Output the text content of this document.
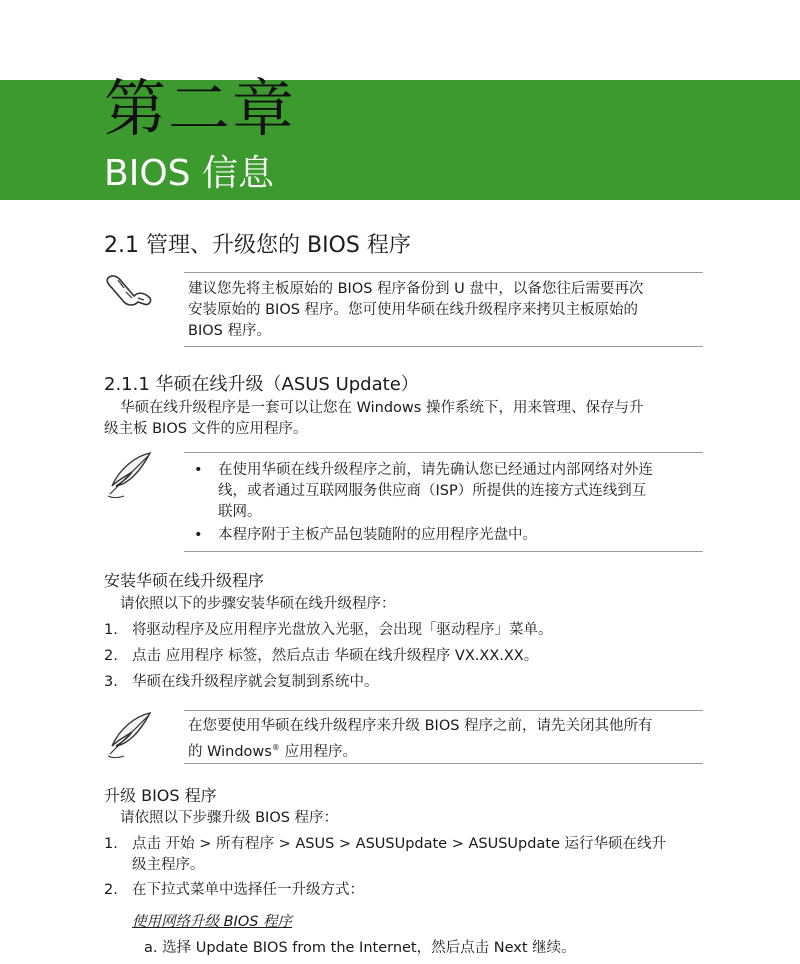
第二章
BIOS 信息
2.1 管理、升级您的 BIOS 程序
建议您先将主板原始的 BIOS 程序备份到 U 盘中，以备您往后需要再次
安装原始的 BIOS 程序。您可使用华硕在线升级程序来拷贝主板原始的
BIOS 程序。
2.1.1 华硕在线升级（ASUS Update）
华硕在线升级程序是一套可以让您在 Windows 操作系统下，用来管理、保存与升
级主板 BIOS 文件的应用程序。
• 在使用华硕在线升级程序之前，请先确认您已经通过内部网络对外连
线，或者通过互联网服务供应商（ISP）所提供的连接方式连线到互
联网。
•	本程序附于主板产品包装随附的应用程序光盘中。
安装华硕在线升级程序
请依照以下的步骤安装华硕在线升级程序：
1. 将驱动程序及应用程序光盘放入光驱，会出现「驱动程序」菜单。
2. 点击 应用程序 标签，然后点击 华硕在线升级程序 VX.XX.XX。
3. 华硕在线升级程序就会复制到系统中。
在您要使用华硕在线升级程序来升级 BIOS 程序之前，请先关闭其他所有
的 Windows® 应用程序。
升级 BIOS 程序
请依照以下步骤升级 BIOS 程序：
1. 点击 开始 > 所有程序 > ASUS > ASUSUpdate > ASUSUpdate 运行华硕在线升
级主程序。
2. 在下拉式菜单中选择任一升级方式：
使用网络升级 BIOS 程序
a. 选择 Update BIOS from the Internet，然后点击 Next 继续。
